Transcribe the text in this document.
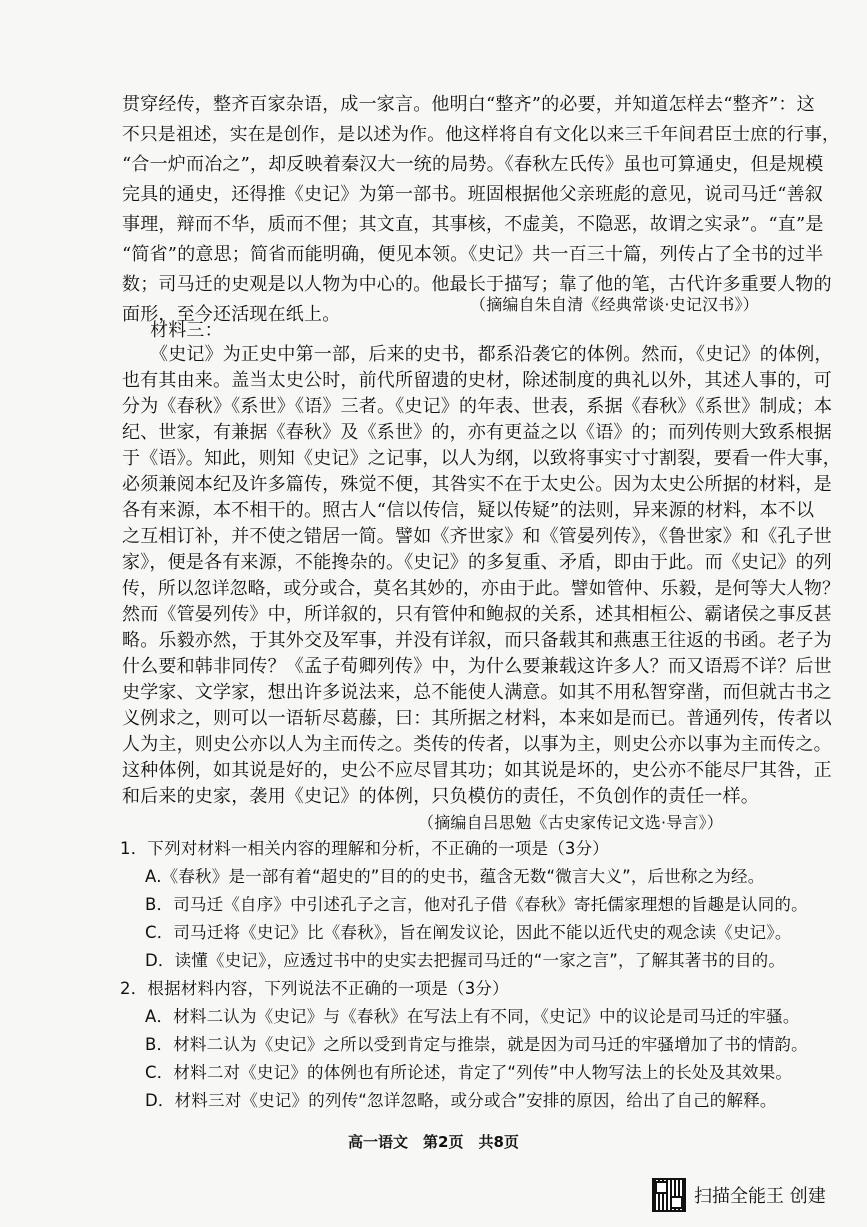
贯穿经传，整齐百家杂语，成一家言。他明白“整齐”的必要，并知道怎样去“整齐”：这
不只是祖述，实在是创作，是以述为作。他这样将自有文化以来三千年间君臣士庶的行事，
“合一炉而冶之”，却反映着秦汉大一统的局势。《春秋左氏传》虽也可算通史，但是规模
完具的通史，还得推《史记》为第一部书。班固根据他父亲班彪的意见，说司马迁“善叙
事理，辩而不华，质而不俚；其文直，其事核，不虚美，不隐恶，故谓之实录”。“直”是
“简省”的意思；简省而能明确，便见本领。《史记》共一百三十篇，列传占了全书的过半
数；司马迁的史观是以人物为中心的。他最长于描写；靠了他的笔，古代许多重要人物的
面形，至今还活现在纸上。	（摘编自朱自清《经典常谈·史记汉书》）
材料三：
《史记》为正史中第一部，后来的史书，都系沿袭它的体例。然而，《史记》的体例，
也有其由来。盖当太史公时，前代所留遗的史材，除述制度的典礼以外，其述人事的，可
分为《春秋》《系世》《语》三者。《史记》的年表、世表，系据《春秋》《系世》制成；本
纪、世家，有兼据《春秋》及《系世》的，亦有更益之以《语》的；而列传则大致系根据
于《语》。知此，则知《史记》之记事，以人为纲，以致将事实寸寸割裂，要看一件大事，
必须兼阅本纪及许多篇传，殊觉不便，其咎实不在于太史公。因为太史公所据的材料，是
各有来源，本不相干的。照古人“信以传信，疑以传疑”的法则，异来源的材料，本不以
之互相订补，并不使之错居一简。譬如《齐世家》和《管晏列传》，《鲁世家》和《孔子世
家》，便是各有来源，不能搀杂的。《史记》的多复重、矛盾，即由于此。而《史记》的列
传，所以忽详忽略，或分或合，莫名其妙的，亦由于此。譬如管仲、乐毅，是何等大人物？
然而《管晏列传》中，所详叙的，只有管仲和鲍叔的关系，述其相桓公、霸诸侯之事反甚
略。乐毅亦然，于其外交及军事，并没有详叙，而只备载其和燕惠王往返的书函。老子为
什么要和韩非同传？《孟子荀卿列传》中，为什么要兼载这许多人？而又语焉不详？后世
史学家、文学家，想出许多说法来，总不能使人满意。如其不用私智穿凿，而但就古书之
义例求之，则可以一语斩尽葛藤，曰：其所据之材料，本来如是而已。普通列传，传者以
人为主，则史公亦以人为主而传之。类传的传者，以事为主，则史公亦以事为主而传之。
这种体例，如其说是好的，史公不应尽冒其功；如其说是坏的，史公亦不能尽尸其咎，正
和后来的史家，袭用《史记》的体例，只负模仿的责任，不负创作的责任一样。
（摘编自吕思勉《古史家传记文选·导言》）
1．下列对材料一相关内容的理解和分析，不正确的一项是（3分）
A.《春秋》是一部有着“超史的”目的的史书，蕴含无数“微言大义”，后世称之为经。
B．司马迁《自序》中引述孔子之言，他对孔子借《春秋》寄托儒家理想的旨趣是认同的。
C．司马迁将《史记》比《春秋》，旨在阐发议论，因此不能以近代史的观念读《史记》。
D．读懂《史记》，应透过书中的史实去把握司马迁的“一家之言”，了解其著书的目的。
2．根据材料内容，下列说法不正确的一项是（3分）
A．材料二认为《史记》与《春秋》在写法上有不同，《史记》中的议论是司马迁的牢骚。
B．材料二认为《史记》之所以受到肯定与推崇，就是因为司马迁的牢骚增加了书的情韵。
C．材料二对《史记》的体例也有所论述，肯定了“列传”中人物写法上的长处及其效果。
D．材料三对《史记》的列传“忽详忽略，或分或合”安排的原因，给出了自己的解释。
高一语文　第2页　共8页
扫描全能王 创建
